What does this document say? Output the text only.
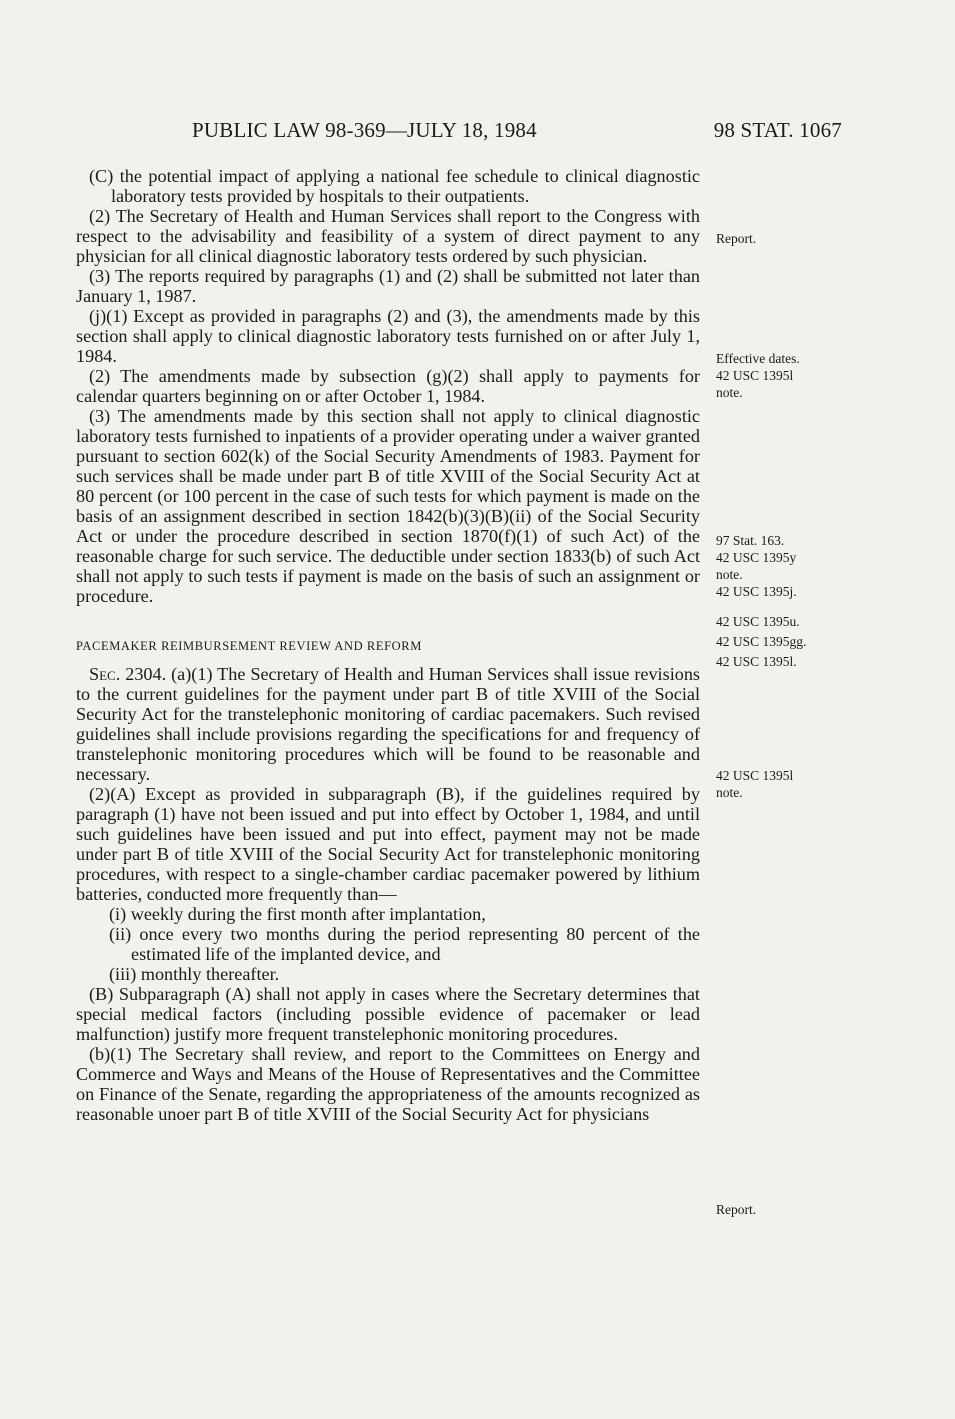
PUBLIC LAW 98-369—JULY 18, 1984	98 STAT. 1067

(C) the potential impact of applying a national fee schedule to clinical diagnostic laboratory tests provided by hospitals to their outpatients.

(2) The Secretary of Health and Human Services shall report to the Congress with respect to the advisability and feasibility of a system of direct payment to any physician for all clinical diagnostic laboratory tests ordered by such physician.

(3) The reports required by paragraphs (1) and (2) shall be submitted not later than January 1, 1987.

(j)(1) Except as provided in paragraphs (2) and (3), the amendments made by this section shall apply to clinical diagnostic laboratory tests furnished on or after July 1, 1984.

(2) The amendments made by subsection (g)(2) shall apply to payments for calendar quarters beginning on or after October 1, 1984.

(3) The amendments made by this section shall not apply to clinical diagnostic laboratory tests furnished to inpatients of a provider operating under a waiver granted pursuant to section 602(k) of the Social Security Amendments of 1983. Payment for such services shall be made under part B of title XVIII of the Social Security Act at 80 percent (or 100 percent in the case of such tests for which payment is made on the basis of an assignment described in section 1842(b)(3)(B)(ii) of the Social Security Act or under the procedure described in section 1870(f)(1) of such Act) of the reasonable charge for such service. The deductible under section 1833(b) of such Act shall not apply to such tests if payment is made on the basis of such an assignment or procedure.

PACEMAKER REIMBURSEMENT REVIEW AND REFORM

Sec. 2304. (a)(1) The Secretary of Health and Human Services shall issue revisions to the current guidelines for the payment under part B of title XVIII of the Social Security Act for the transtelephonic monitoring of cardiac pacemakers. Such revised guidelines shall include provisions regarding the specifications for and frequency of transtelephonic monitoring procedures which will be found to be reasonable and necessary.

(2)(A) Except as provided in subparagraph (B), if the guidelines required by paragraph (1) have not been issued and put into effect by October 1, 1984, and until such guidelines have been issued and put into effect, payment may not be made under part B of title XVIII of the Social Security Act for transtelephonic monitoring procedures, with respect to a single-chamber cardiac pacemaker powered by lithium batteries, conducted more frequently than—

(i) weekly during the first month after implantation,

(ii) once every two months during the period representing 80 percent of the estimated life of the implanted device, and

(iii) monthly thereafter.

(B) Subparagraph (A) shall not apply in cases where the Secretary determines that special medical factors (including possible evidence of pacemaker or lead malfunction) justify more frequent transtelephonic monitoring procedures.

(b)(1) The Secretary shall review, and report to the Committees on Energy and Commerce and Ways and Means of the House of Representatives and the Committee on Finance of the Senate, regarding the appropriateness of the amounts recognized as reasonable unoer part B of title XVIII of the Social Security Act for physicians

Report.
Effective dates.
42 USC 1395l
note.
97 Stat. 163.
42 USC 1395y
note.
42 USC 1395j.
42 USC 1395u.
42 USC 1395gg.
42 USC 1395l.
42 USC 1395l
note.
Report.
